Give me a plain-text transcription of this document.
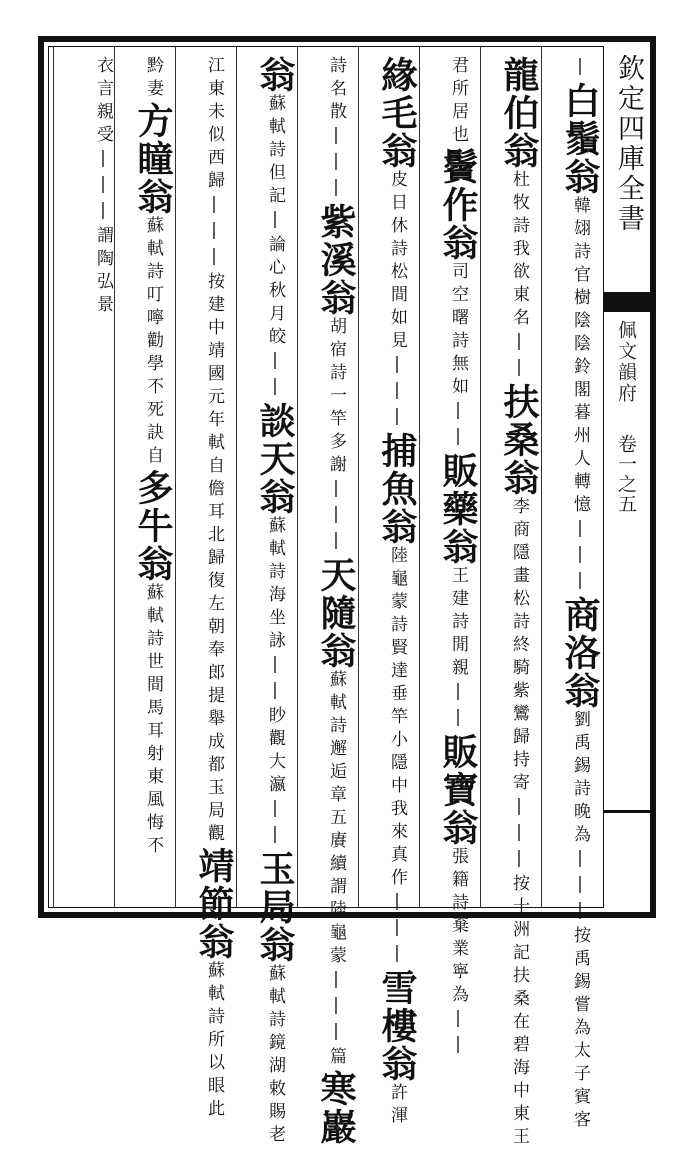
欽定四庫全書
佩文韻府
卷一之五
|白鬚翁韓翃詩官樹陰陰鈴閣暮州人轉憶|||商洛翁劉禹錫詩晚為|||按禹錫嘗為太子賓客
龍伯翁杜牧詩我欲東名||扶桑翁李商隱畫松詩終騎紫鸞歸持寄|||按十洲記扶桑在碧海中東王
君所居也鬢作翁司空曙詩無如||販藥翁王建詩閒親||販寶翁張籍詩棄業寧為||
緣毛翁皮日休詩松間如見|||捕魚翁陸龜蒙詩賢達垂竿小隱中我來真作|||雪樓翁許渾
詩名散|||紫溪翁胡宿詩一竿多謝|||天隨翁蘇軾詩邂逅章五賡續謂陸龜蒙|||篇寒巖
翁蘇軾詩但記|論心秋月皎||談天翁蘇軾詩海坐詠||眇觀大瀛||玉局翁蘇軾詩鏡湖敕賜老
江東未似西歸|||按建中靖國元年軾自儋耳北歸復左朝奉郎提舉成都玉局觀靖節翁蘇軾詩所以眼此
黔妻方瞳翁蘇軾詩叮嚀勸學不死訣自多牛翁蘇軾詩世間馬耳射東風悔不
衣言親受|||謂陶弘景
